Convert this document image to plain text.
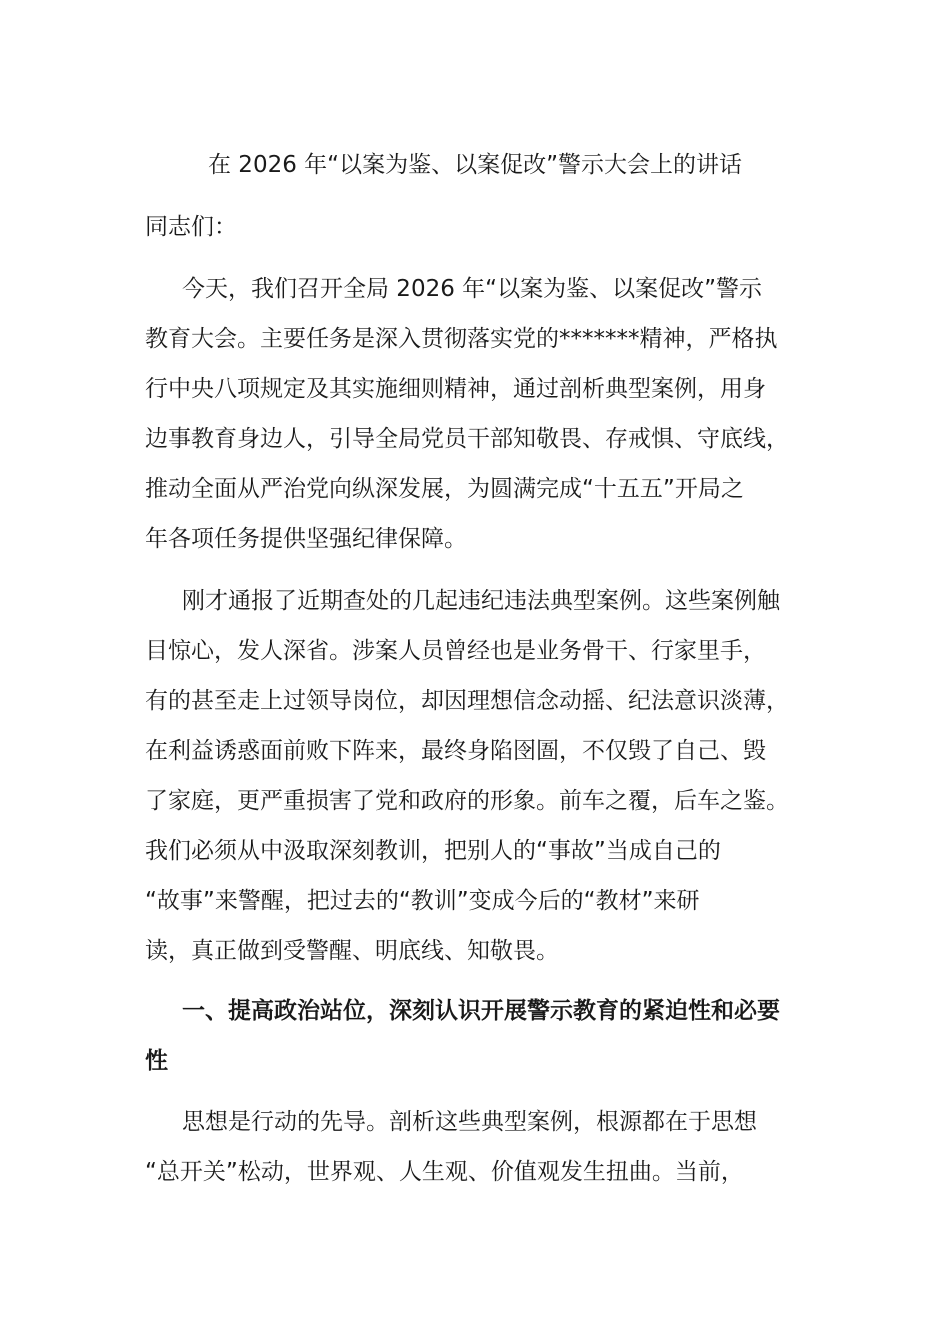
在 2026 年“以案为鉴、以案促改”警示大会上的讲话
同志们：
今天，我们召开全局 2026 年“以案为鉴、以案促改”警示
教育大会。主要任务是深入贯彻落实党的*******精神，严格执
行中央八项规定及其实施细则精神，通过剖析典型案例，用身
边事教育身边人，引导全局党员干部知敬畏、存戒惧、守底线，
推动全面从严治党向纵深发展，为圆满完成“十五五”开局之
年各项任务提供坚强纪律保障。
刚才通报了近期查处的几起违纪违法典型案例。这些案例触
目惊心，发人深省。涉案人员曾经也是业务骨干、行家里手，
有的甚至走上过领导岗位，却因理想信念动摇、纪法意识淡薄，
在利益诱惑面前败下阵来，最终身陷囹圄，不仅毁了自己、毁
了家庭，更严重损害了党和政府的形象。前车之覆，后车之鉴。
我们必须从中汲取深刻教训，把别人的“事故”当成自己的
“故事”来警醒，把过去的“教训”变成今后的“教材”来研
读，真正做到受警醒、明底线、知敬畏。
一、提高政治站位，深刻认识开展警示教育的紧迫性和必要
性
思想是行动的先导。剖析这些典型案例，根源都在于思想
“总开关”松动，世界观、人生观、价值观发生扭曲。当前，
